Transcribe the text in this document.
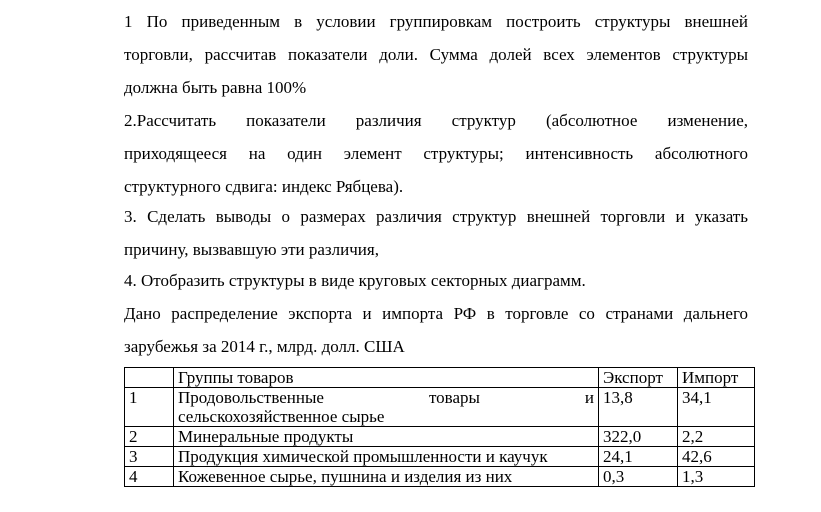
1 По приведенным в условии группировкам построить структуры внешней
торговли, рассчитав показатели доли. Сумма долей всех элементов структуры
должна быть равна 100%

2.Рассчитать показатели различия структур (абсолютное изменение,
приходящееся на один элемент структуры; интенсивность абсолютного
структурного сдвига: индекс Рябцева).

3. Сделать выводы о размерах различия структур внешней торговли и указать
причину, вызвавшую эти различия,

4. Отобразить структуры в виде круговых секторных диаграмм.

Дано распределение экспорта и импорта РФ в торговле со странами дальнего
зарубежья за 2014 г., млрд. долл. США

	Группы товаров	Экспорт	Импорт
1	Продовольственные товары и
сельскохозяйственное сырье	13,8	34,1
2	Минеральные продукты	322,0	2,2
3	Продукция химической промышленности и каучук	24,1	42,6
4	Кожевенное сырье, пушнина и изделия из них	0,3	1,3
